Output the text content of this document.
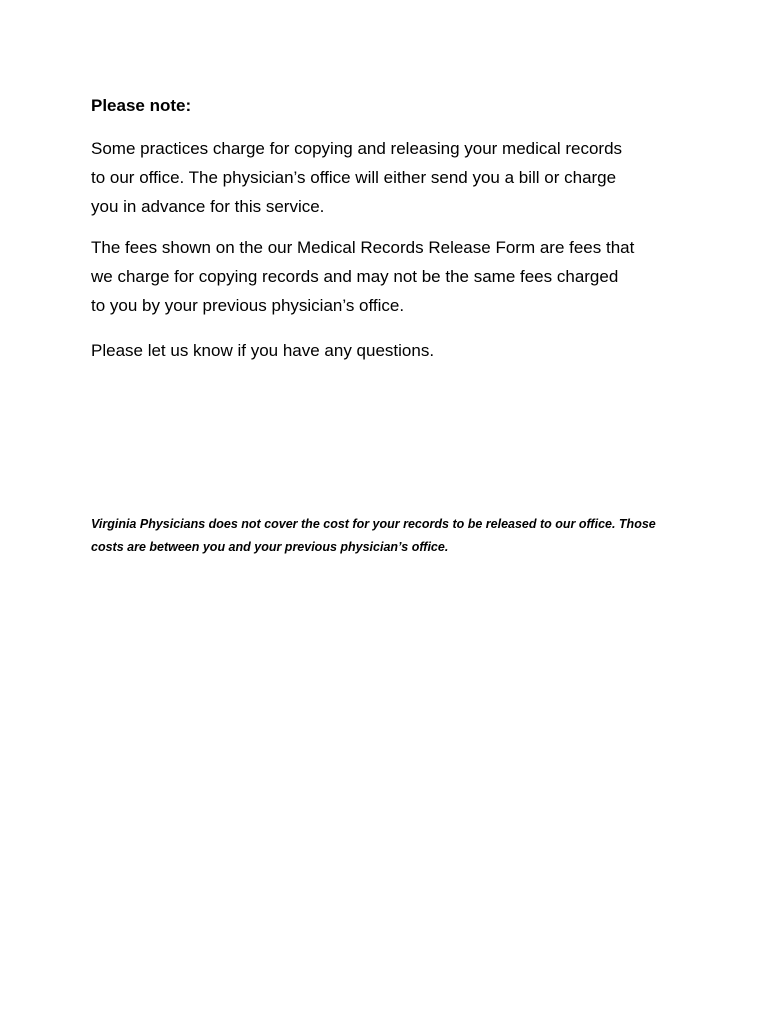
Please note:

Some practices charge for copying and releasing your medical records
to our office. The physician’s office will either send you a bill or charge
you in advance for this service.

The fees shown on the our Medical Records Release Form are fees that
we charge for copying records and may not be the same fees charged
to you by your previous physician’s office.

Please let us know if you have any questions.

Virginia Physicians does not cover the cost for your records to be released to our office. Those
costs are between you and your previous physician’s office.
